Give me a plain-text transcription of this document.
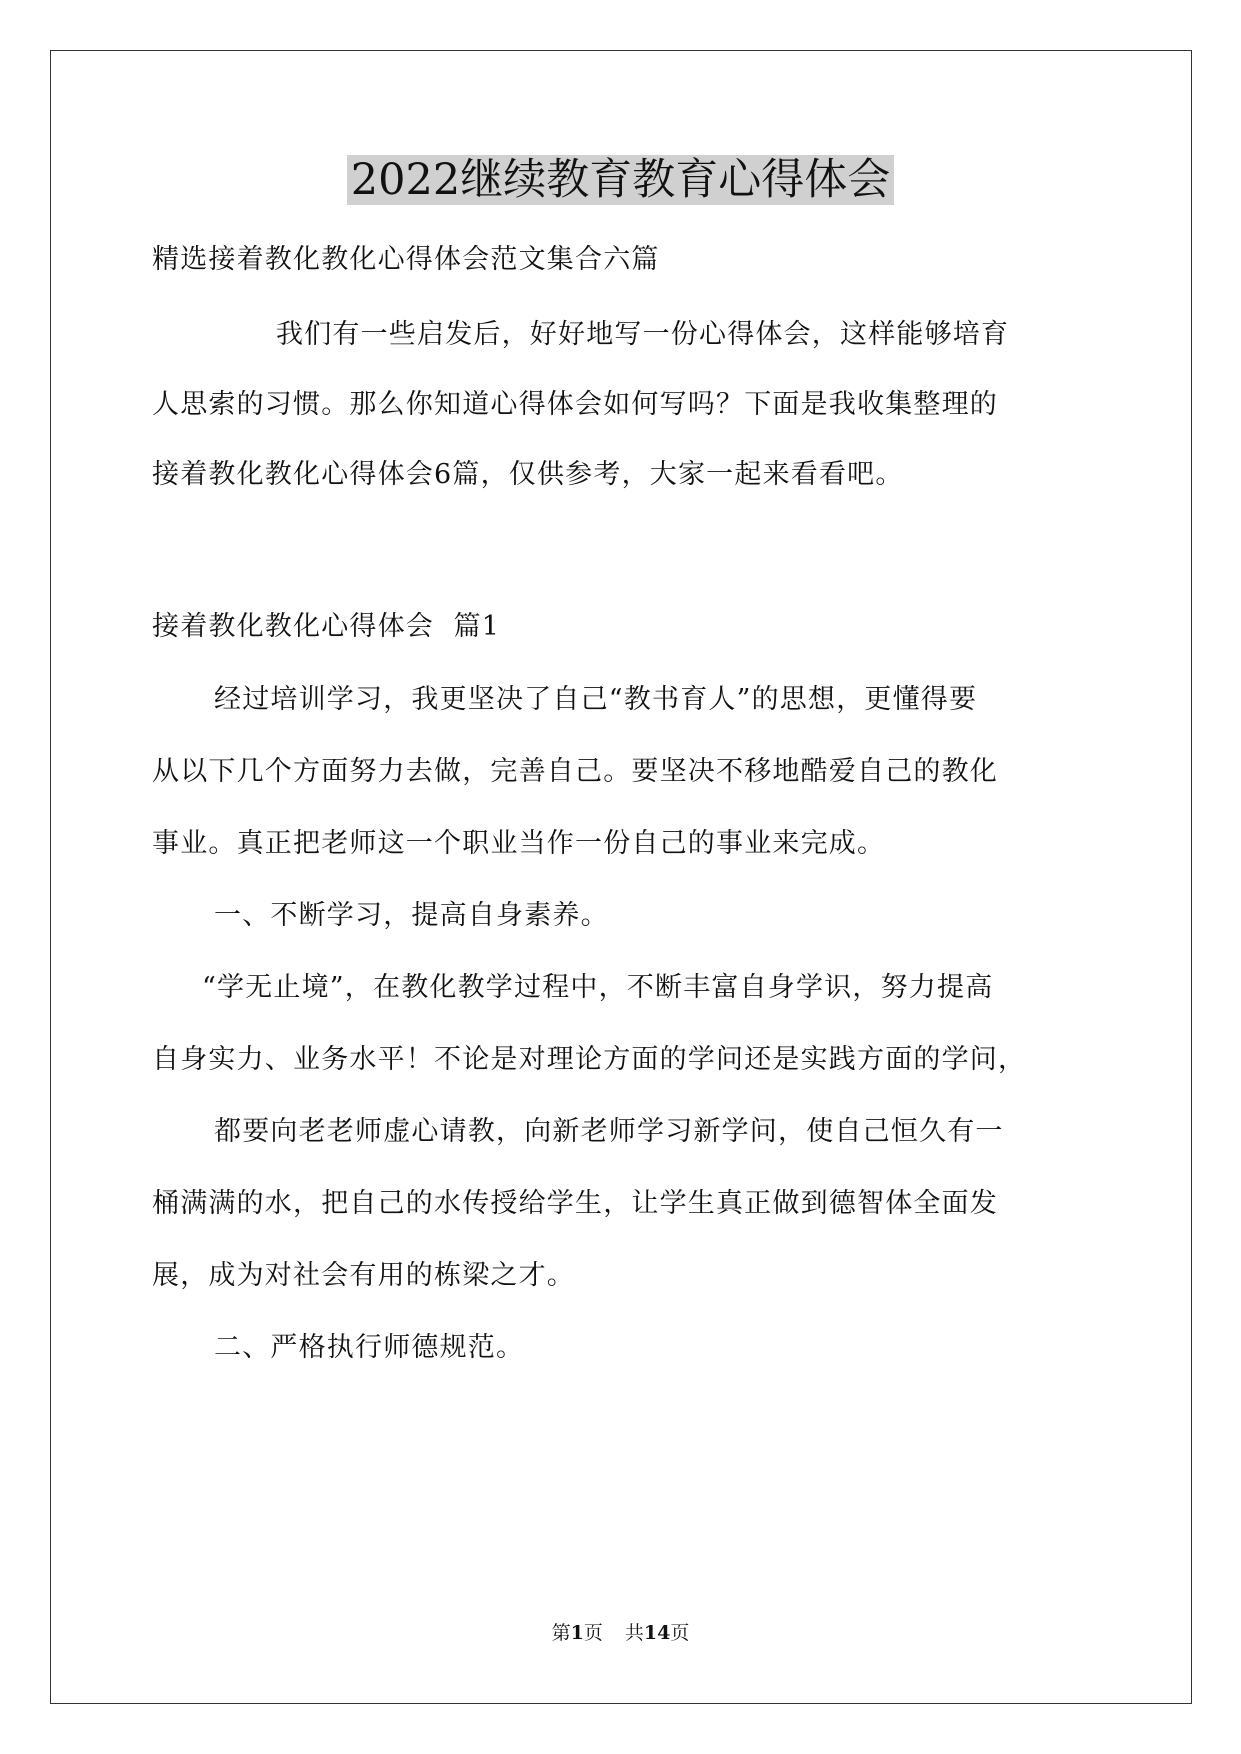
2022继续教育教育心得体会

精选接着教化教化心得体会范文集合六篇

我们有一些启发后，好好地写一份心得体会，这样能够培育

人思索的习惯。那么你知道心得体会如何写吗？下面是我收集整理的

接着教化教化心得体会6篇，仅供参考，大家一起来看看吧。

接着教化教化心得体会  篇1

经过培训学习，我更坚决了自己“教书育人”的思想，更懂得要

从以下几个方面努力去做，完善自己。要坚决不移地酷爱自己的教化

事业。真正把老师这一个职业当作一份自己的事业来完成。

一、不断学习，提高自身素养。

“学无止境”，在教化教学过程中，不断丰富自身学识，努力提高

自身实力、业务水平！不论是对理论方面的学问还是实践方面的学问，

都要向老老师虚心请教，向新老师学习新学问，使自己恒久有一

桶满满的水，把自己的水传授给学生，让学生真正做到德智体全面发

展，成为对社会有用的栋梁之才。

二、严格执行师德规范。

第1页 共14页
